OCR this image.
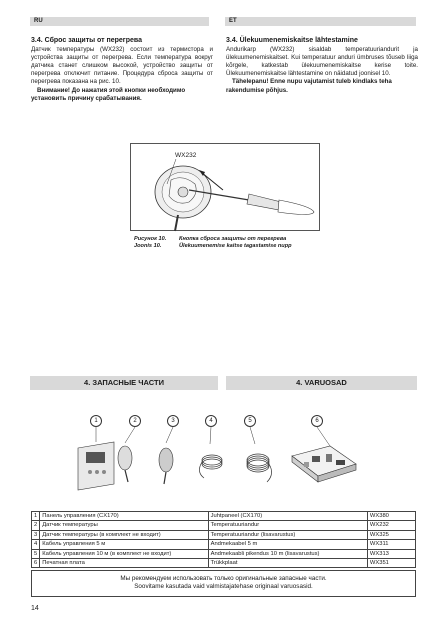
RU	ET
3.4. Сброс защиты от перегрева

Датчик температуры (WX232) состоит из термистора и устройства защиты от перегрева. Если температура вокруг датчика станет слишком высокой, устройство защиты от перегрева отключит питание. Процедура сброса защиты от перегрева показана на рис. 10.

Внимание! До нажатия этой кнопки необходимо установить причину срабатывания.

3.4. Ülekuumenemiskaitse lähtestamine

Andurikarp (WX232) sisaldab temperatuuriandurit ja ülekuumenemiskaitset. Kui temperatuur anduri ümbruses tõuseb liiga kõrgele, katkestab ülekuumenemiskaitse kerise toite. Ülekuumenemiskaitse lähtestamine on näidatud joonisel 10.

Tähelepanu! Enne nupu vajutamist tuleb kindlaks teha rakendumise põhjus.

WX232
Рисунок 10.	Кнопка сброса защиты от перегрева
Joonis 10.	Ülekuumenemise kaitse tagastamise nupp
4. ЗАПАСНЫЕ ЧАСТИ	4. VARUOSAD
1	2	3	4	5	6
1	Панель управления (CX170)	Juhtpaneel (CX170)	WX380
2	Датчик температуры	Temperatuuriandur	WX232
3	Датчик температуры (в комплект не входит)	Temperatuuriandur (lisavarustus)	WX325
4	Кабель управления 5 м	Andmekaabel 5 m	WX311
5	Кабель управления 10 м (в комплект не входит)	Andmekaabli pikendus 10 m (lisavarustus)	WX313
6	Печатная плата	Trükkplaat	WX351
Мы рекомендуем использовать только оригинальные запасные части.
Soovitame kasutada vaid valmistajatehase originaal varuosasid.
14
